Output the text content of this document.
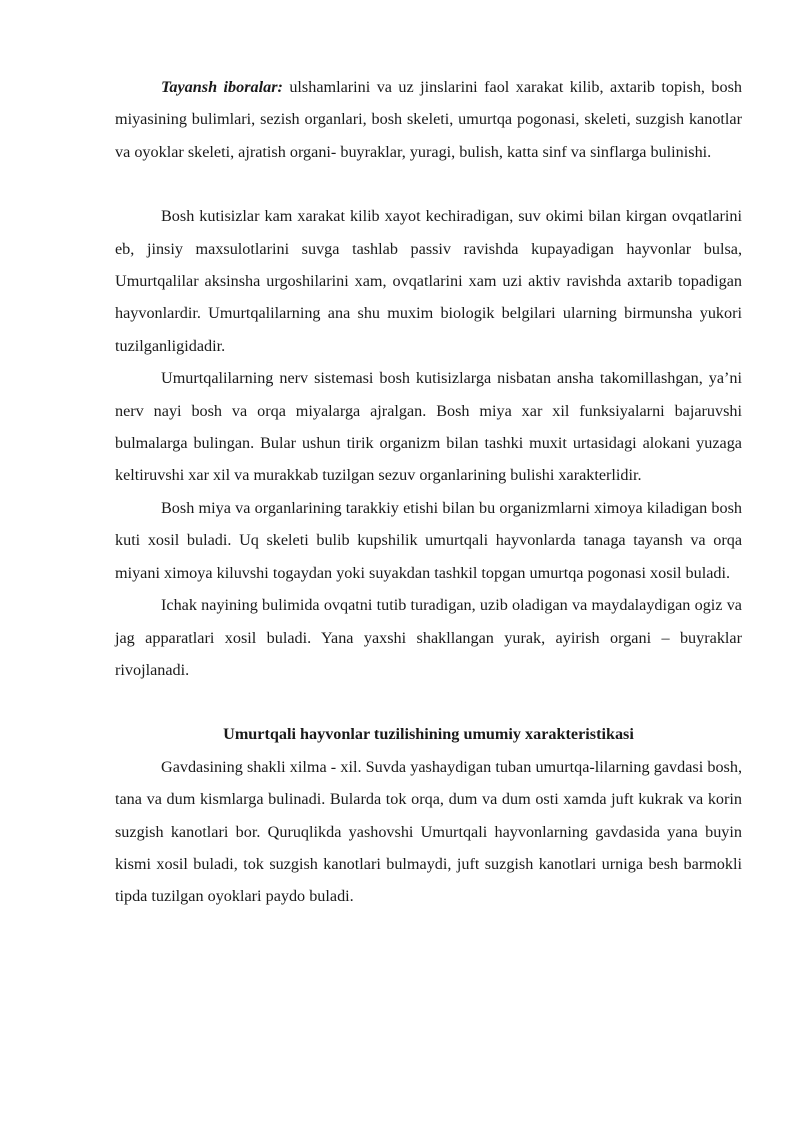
Tayansh iboralar: ulshamlarini va uz jinslarini faol xarakat kilib, axtarib topish, bosh miyasining bulimlari, sezish organlari, bosh skeleti, umurtqa pogonasi, skeleti, suzgish kanotlar va oyoklar skeleti, ajratish organi- buyraklar, yuragi, bulish, katta sinf va sinflarga bulinishi.

Bosh kutisizlar kam xarakat kilib xayot kechiradigan, suv okimi bilan kirgan ovqatlarini eb, jinsiy maxsulotlarini suvga tashlab passiv ravishda kupayadigan hayvonlar bulsa, Umurtqalilar aksinsha urgoshilarini xam, ovqatlarini xam uzi aktiv ravishda axtarib topadigan hayvonlardir. Umurtqalilarning ana shu muxim biologik belgilari ularning birmunsha yukori tuzilganligidadir.

Umurtqalilarning nerv sistemasi bosh kutisizlarga nisbatan ansha takomillashgan, ya’ni nerv nayi bosh va orqa miyalarga ajralgan. Bosh miya xar xil funksiyalarni bajaruvshi bulmalarga bulingan. Bular ushun tirik organizm bilan tashki muxit urtasidagi alokani yuzaga keltiruvshi xar xil va murakkab tuzilgan sezuv organlarining bulishi xarakterlidir.

Bosh miya va organlarining tarakkiy etishi bilan bu organizmlarni ximoya kiladigan bosh kuti xosil buladi. Uq skeleti bulib kupshilik umurtqali hayvonlarda tanaga tayansh va orqa miyani ximoya kiluvshi togaydan yoki suyakdan tashkil topgan umurtqa pogonasi xosil buladi.

Ichak nayining bulimida ovqatni tutib turadigan, uzib oladigan va maydalaydigan ogiz va jag apparatlari xosil buladi. Yana yaxshi shakllangan yurak, ayirish organi – buyraklar rivojlanadi.

Umurtqali hayvonlar tuzilishining umumiy xarakteristikasi

Gavdasining shakli xilma - xil. Suvda yashaydigan tuban umurtqa-lilarning gavdasi bosh, tana va dum kismlarga bulinadi. Bularda tok orqa, dum va dum osti xamda juft kukrak va korin suzgish kanotlari bor. Quruqlikda yashovshi Umurtqali hayvonlarning gavdasida yana buyin kismi xosil buladi, tok suzgish kanotlari bulmaydi, juft suzgish kanotlari urniga besh barmokli tipda tuzilgan oyoklari paydo buladi.
